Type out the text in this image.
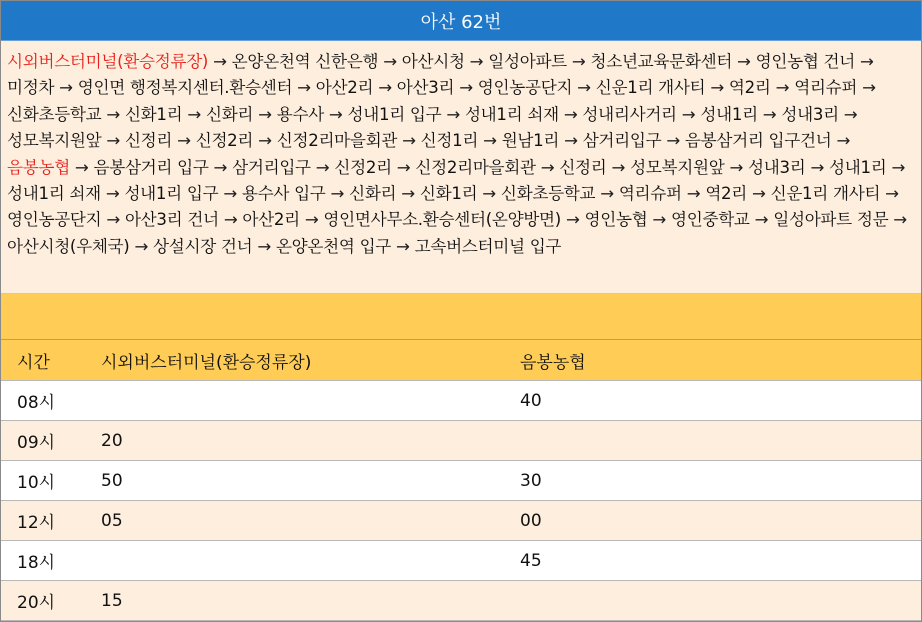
아산 62번
시외버스터미널(환승정류장) → 온양온천역 신한은행 → 아산시청 → 일성아파트 → 청소년교육문화센터 → 영인농협 건너 → 미정차 → 영인면 행정복지센터.환승센터 → 아산2리 → 아산3리 → 영인농공단지 → 신운1리 개사티 → 역2리 → 역리슈퍼 → 신화초등학교 → 신화1리 → 신화리 → 용수사 → 성내1리 입구 → 성내1리 쇠재 → 성내리사거리 → 성내1리 → 성내3리 → 성모복지원앞 → 신정리 → 신정2리 → 신정2리마을회관 → 신정1리 → 원남1리 → 삼거리입구 → 음봉삼거리 입구건너 → 음봉농협 → 음봉삼거리 입구 → 삼거리입구 → 신정2리 → 신정2리마을회관 → 신정리 → 성모복지원앞 → 성내3리 → 성내1리 → 성내1리 쇠재 → 성내1리 입구 → 용수사 입구 → 신화리 → 신화1리 → 신화초등학교 → 역리슈퍼 → 역2리 → 신운1리 개사티 → 영인농공단지 → 아산3리 건너 → 아산2리 → 영인면사무소.환승센터(온양방면) → 영인농협 → 영인중학교 → 일성아파트 정문 → 아산시청(우체국) → 상설시장 건너 → 온양온천역 입구 → 고속버스터미널 입구
시간	시외버스터미널(환승정류장)	음봉농협
08시		40
09시	20	
10시	50	30
12시	05	00
18시		45
20시	15	
